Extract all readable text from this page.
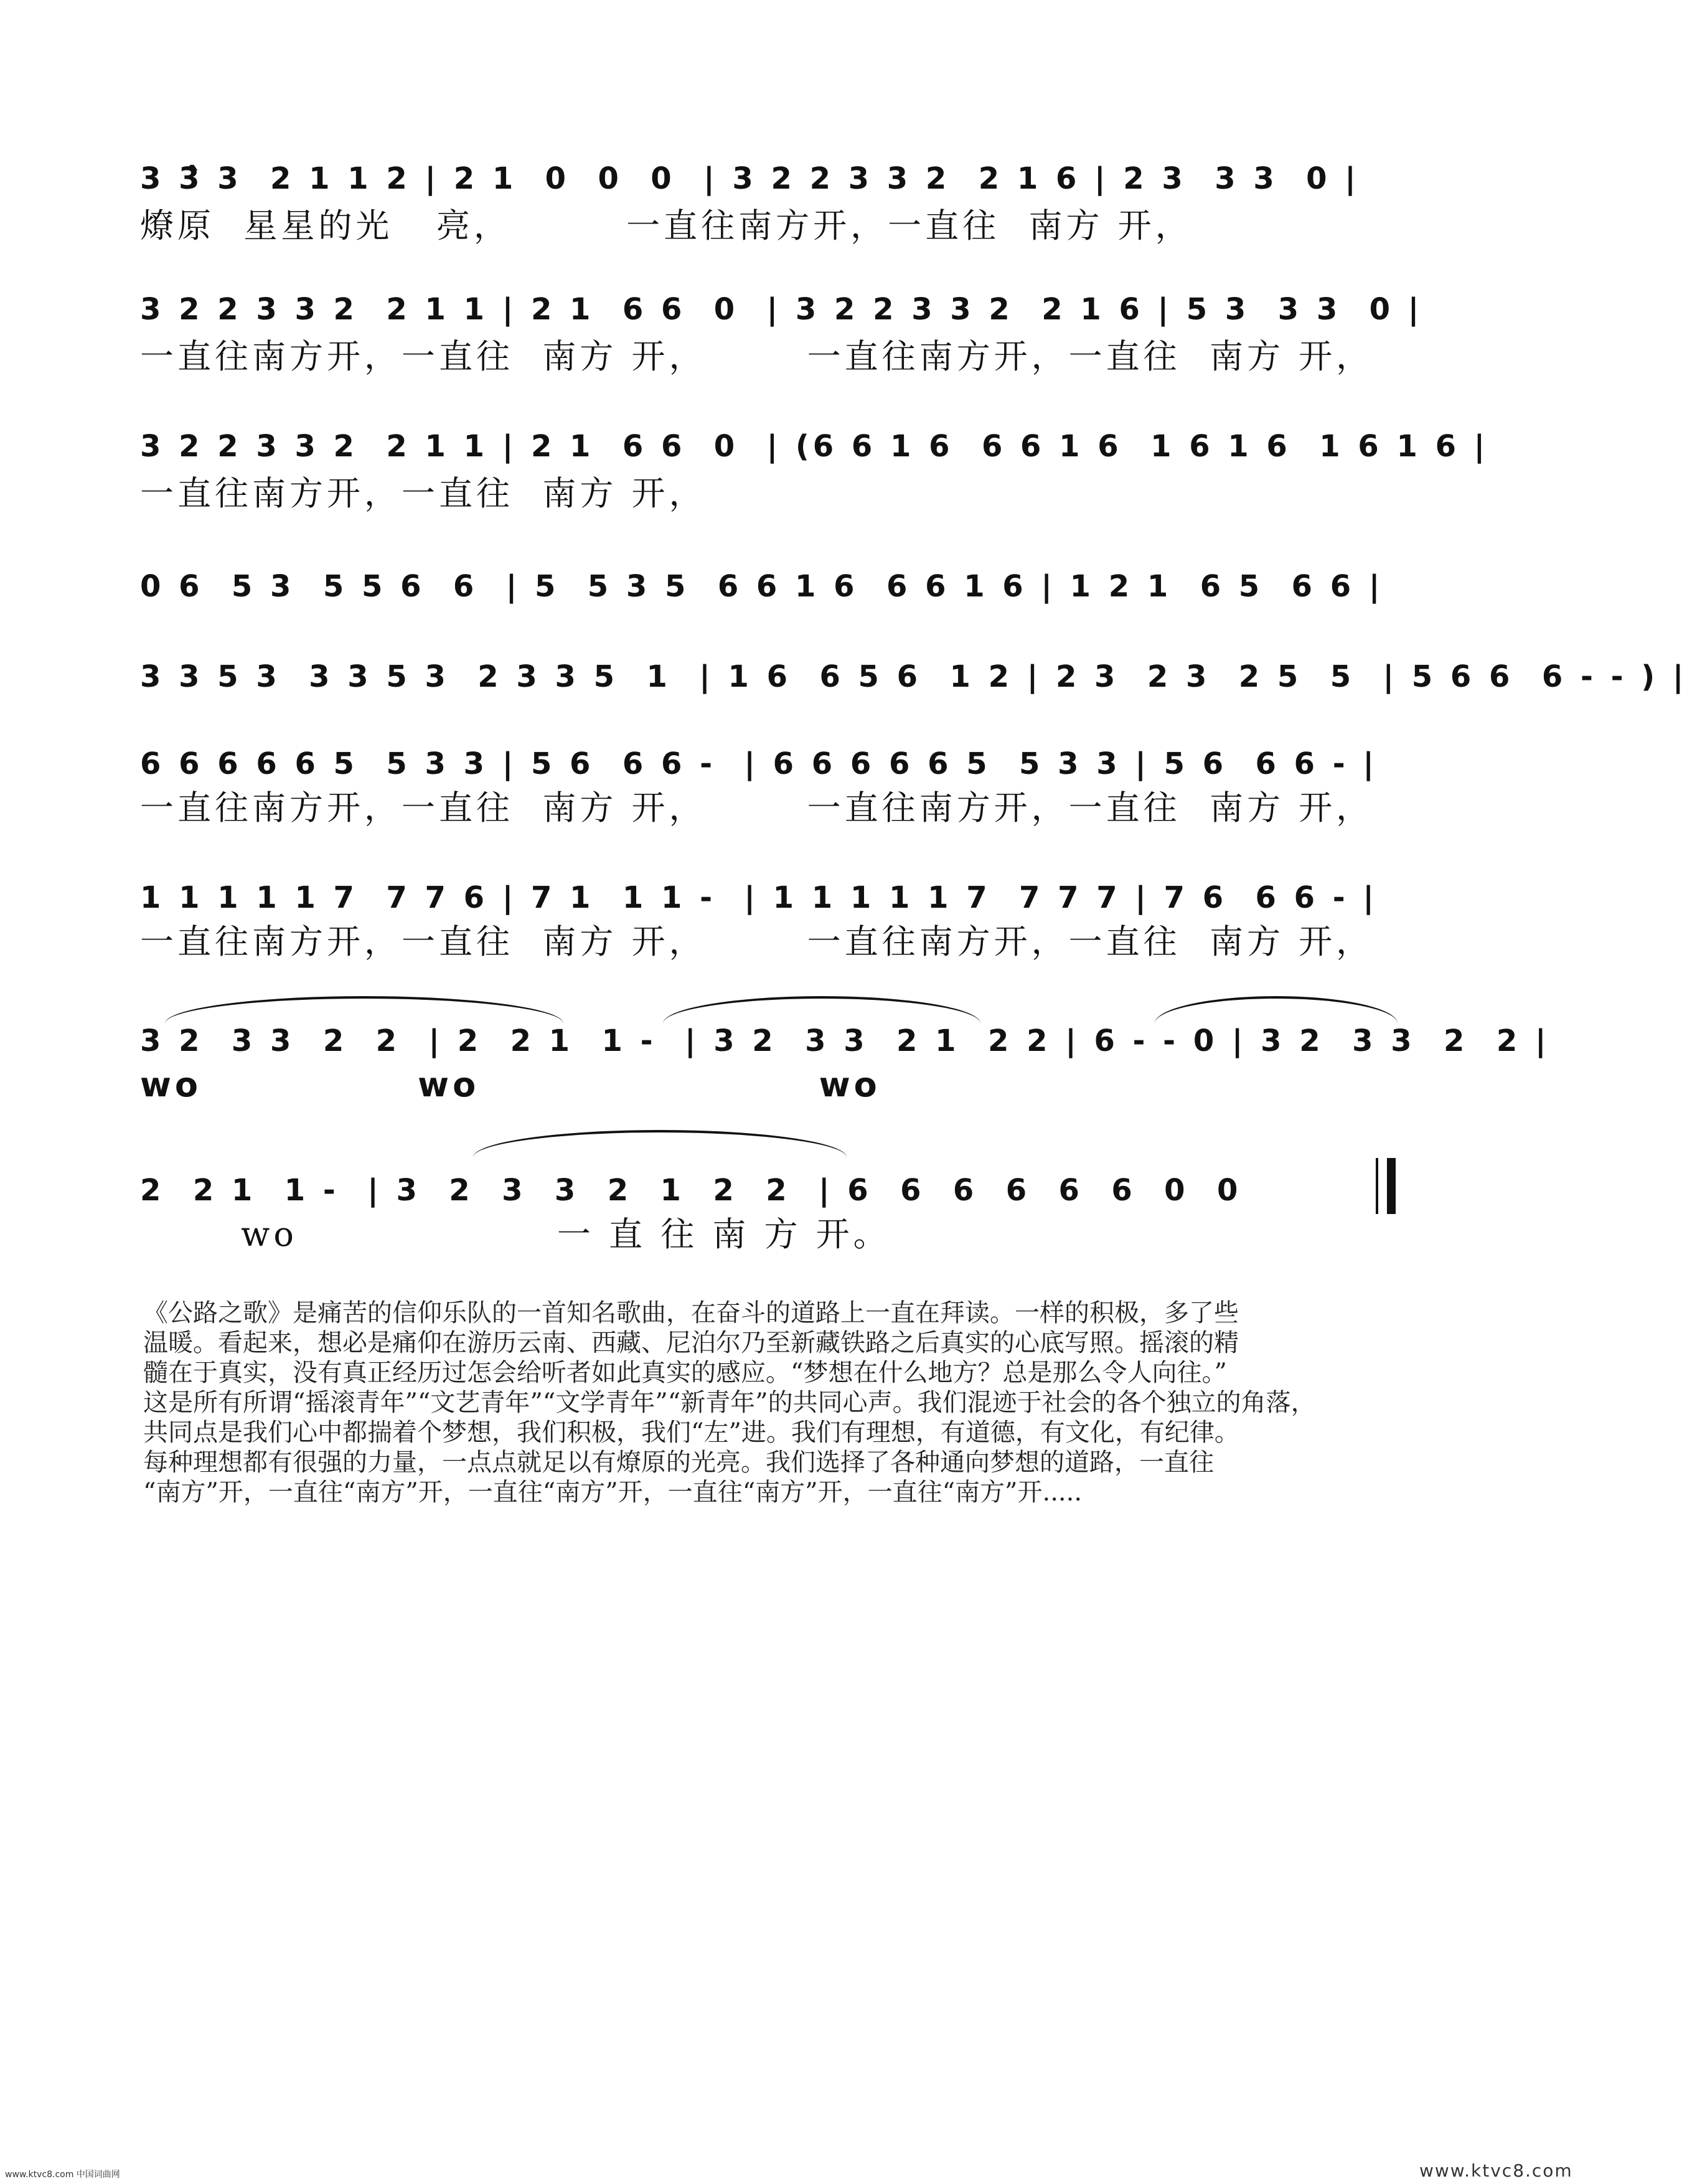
3 3̂ 3  2 1 1 2 | 2 1  0  0  0  | 3 2 2 3 3 2  2 1 6 | 2 3  3 3  0 |
燎原  星星的光   亮，        一直往南方开，一直往  南方 开，
3 2 2 3 3 2  2 1 1 | 2 1  6 6  0  | 3 2 2 3 3 2  2 1 6 | 5 3  3 3  0 |
一直往南方开，一直往  南方 开，       一直往南方开，一直往  南方 开，
3 2 2 3 3 2  2 1 1 | 2 1  6 6  0  | (6 6 1 6  6 6 1 6  1 6 1 6  1 6 1 6 |
一直往南方开，一直往  南方 开，
0 6  5 3  5 5 6  6  | 5  5 3 5  6 6 1 6  6 6 1 6 | 1 2 1  6 5  6 6 |
3 3 5 3  3 3 5 3  2 3 3 5  1  | 1 6  6 5 6  1 2 | 2 3  2 3  2 5  5  | 5 6 6  6 - - ) |
6 6 6 6 6 5  5 3 3 | 5 6  6 6 -  | 6 6 6 6 6 5  5 3 3 | 5 6  6 6 - |
一直往南方开，一直往  南方 开，       一直往南方开，一直往  南方 开，
1 1 1 1 1 7  7 7 6 | 7 1  1 1 -  | 1 1 1 1 1 7  7 7 7 | 7 6  6 6 - |
一直往南方开，一直往  南方 开，       一直往南方开，一直往  南方 开，
3 2  3 3  2  2  | 2  2 1  1 -  | 3 2  3 3  2 1  2 2 | 6 - - 0 | 3 2  3 3  2  2 |
wo              wo                      wo
2  2 1  1 -  | 3  2  3  3  2  1  2  2  | 6  6  6  6  6  6  0  0
wo                  一 直 往 南 方 开。

《公路之歌》是痛苦的信仰乐队的一首知名歌曲，在奋斗的道路上一直在拜读。一样的积极，多了些

温暖。看起来，想必是痛仰在游历云南、西藏、尼泊尔乃至新藏铁路之后真实的心底写照。摇滚的精

髓在于真实，没有真正经历过怎会给听者如此真实的感应。“梦想在什么地方？总是那么令人向往。”

这是所有所谓“摇滚青年”“文艺青年”“文学青年”“新青年”的共同心声。我们混迹于社会的各个独立的角落，

共同点是我们心中都揣着个梦想，我们积极，我们“左”进。我们有理想，有道德，有文化，有纪律。

每种理想都有很强的力量，一点点就足以有燎原的光亮。我们选择了各种通向梦想的道路，一直往

“南方”开，一直往“南方”开，一直往“南方”开，一直往“南方”开，一直往“南方”开.....

www.ktvc8.com 中国词曲网	www.ktvc8.com
